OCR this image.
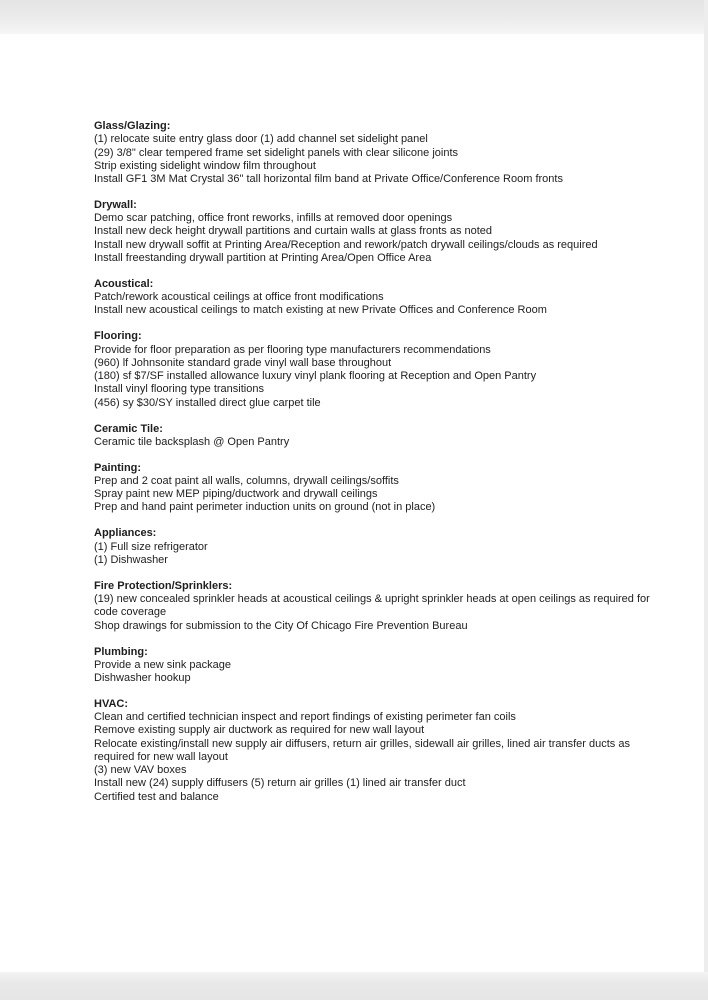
Glass/Glazing:
(1) relocate suite entry glass door (1) add channel set sidelight panel
(29) 3/8" clear tempered frame set sidelight panels with clear silicone joints
Strip existing sidelight window film throughout
Install GF1 3M Mat Crystal 36" tall horizontal film band at Private Office/Conference Room fronts
Drywall:
Demo scar patching, office front reworks, infills at removed door openings
Install new deck height drywall partitions and curtain walls at glass fronts as noted
Install new drywall soffit at Printing Area/Reception and rework/patch drywall ceilings/clouds as required
Install freestanding drywall partition at Printing Area/Open Office Area
Acoustical:
Patch/rework acoustical ceilings at office front modifications
Install new acoustical ceilings to match existing at new Private Offices and Conference Room
Flooring:
Provide for floor preparation as per flooring type manufacturers recommendations
(960) lf Johnsonite standard grade vinyl wall base throughout
(180) sf $7/SF installed allowance luxury vinyl plank flooring at Reception and Open Pantry
Install vinyl flooring type transitions
(456) sy $30/SY installed direct glue carpet tile
Ceramic Tile:
Ceramic tile backsplash @ Open Pantry
Painting:
Prep and 2 coat paint all walls, columns, drywall ceilings/soffits
Spray paint new MEP piping/ductwork and drywall ceilings
Prep and hand paint perimeter induction units on ground (not in place)
Appliances:
(1) Full size refrigerator
(1) Dishwasher
Fire Protection/Sprinklers:
(19) new concealed sprinkler heads at acoustical ceilings & upright sprinkler heads at open ceilings as required for code coverage
Shop drawings for submission to the City Of Chicago Fire Prevention Bureau
Plumbing:
Provide a new sink package
Dishwasher hookup
HVAC:
Clean and certified technician inspect and report findings of existing perimeter fan coils
Remove existing supply air ductwork as required for new wall layout
Relocate existing/install new supply air diffusers, return air grilles, sidewall air grilles, lined air transfer ducts as required for new wall layout
(3) new VAV boxes
Install new (24) supply diffusers (5) return air grilles (1) lined air transfer duct
Certified test and balance
